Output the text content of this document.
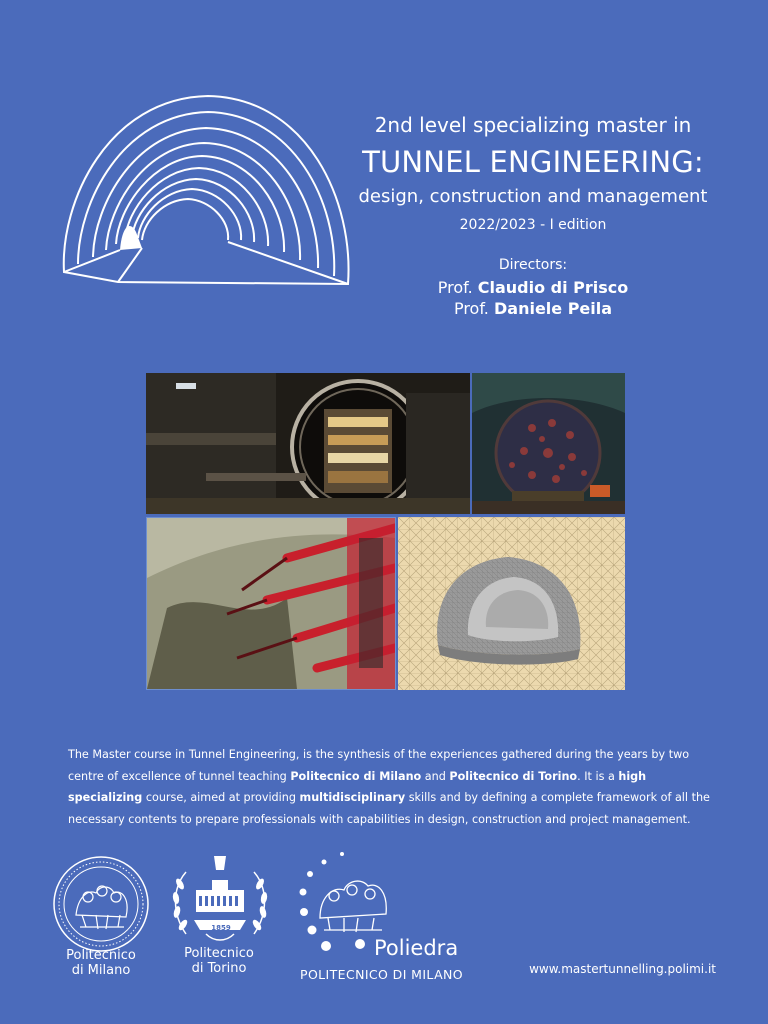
2nd level specializing master in
TUNNEL ENGINEERING:
design, construction and management
2022/2023 - I edition
Directors:
Prof. Claudio di Prisco
Prof. Daniele Peila
The Master course in Tunnel Engineering, is the synthesis of the experiences gathered during the years by two centre of excellence of tunnel teaching Politecnico di Milano and Politecnico di Torino. It is a high specializing course, aimed at providing multidisciplinary skills and by defining a complete framework of all the necessary contents to prepare professionals with capabilities in design, construction and project management.
Politecnico
di Milano
1859
Politecnico
di Torino
Poliedra
POLITECNICO DI MILANO	www.mastertunnelling.polimi.it
